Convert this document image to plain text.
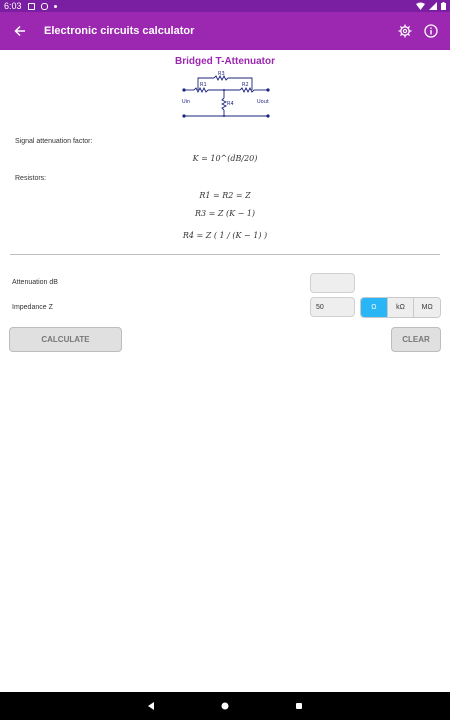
6:03
Electronic circuits calculator
Bridged T-Attenuator
R3
R1	R2
R4
Uin	Uout
Signal attenuation factor:
K = 10^(dB/20)
Resistors:
R1 = R2 = Z
R3 = Z (K − 1)
R4 = Z ( 1 / (K − 1) )
Attenuation dB
Impedance Z	50	Ω	kΩ	MΩ
CALCULATE	CLEAR
